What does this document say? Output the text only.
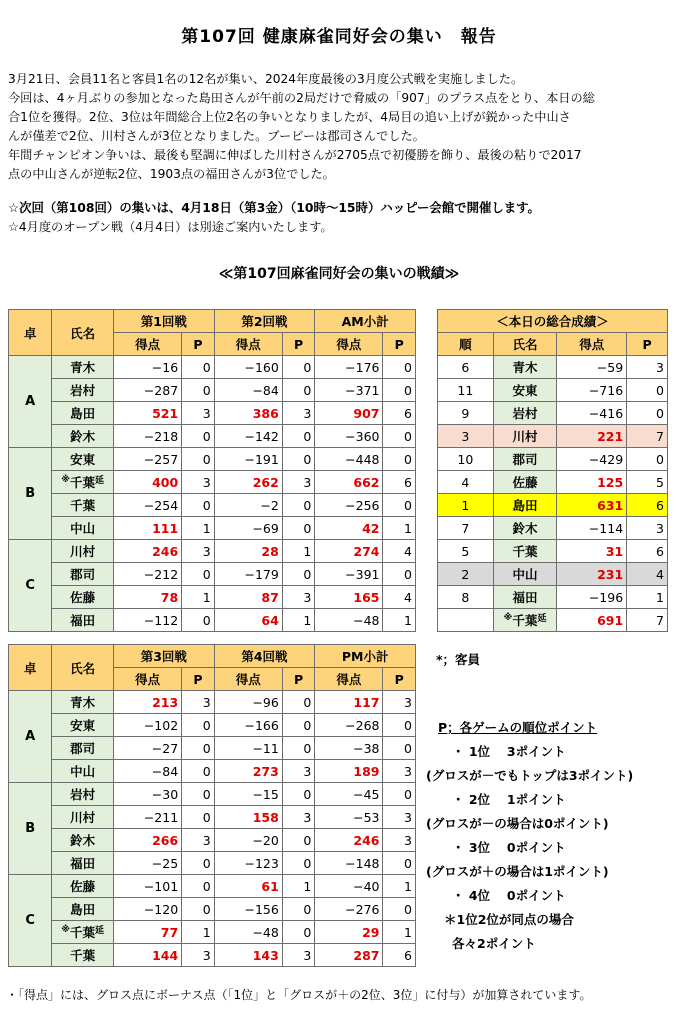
第107回 健康麻雀同好会の集い　報告
3月21日、会員11名と客員1名の12名が集い、2024年度最後の3月度公式戦を実施しました。
今回は、4ヶ月ぶりの参加となった島田さんが午前の2局だけで脅威の「907」のプラス点をとり、本日の総
合1位を獲得。2位、3位は年間総合上位2名の争いとなりましたが、4局目の追い上げが鋭かった中山さ
んが僅差で2位、川村さんが3位となりました。ブービーは郡司さんでした。
年間チャンピオン争いは、最後も堅調に伸ばした川村さんが2705点で初優勝を飾り、最後の粘りで2017
点の中山さんが逆転2位、1903点の福田さんが3位でした。
☆次回（第108回）の集いは、4月18日（第3金）（10時～15時）ハッピー会館で開催します。
☆4月度のオープン戦（4月4日）は別途ご案内いたします。
≪第107回麻雀同好会の集いの戦績≫
卓	氏名	第1回戦		第2回戦		AM小計	
		得点	P	得点	P	得点	P
A	青木	−16	0	−160	0	−176	0
	岩村	−287	0	−84	0	−371	0
	島田	521	3	386	3	907	6
	鈴木	−218	0	−142	0	−360	0
B	安東	−257	0	−191	0	−448	0
	※千葉$^延$	400	3	262	3	662	6
	千葉	−254	0	−2	0	−256	0
	中山	111	1	−69	0	42	1
C	川村	246	3	28	1	274	4
	郡司	−212	0	−179	0	−391	0
	佐藤	78	1	87	3	165	4
	福田	−112	0	64	1	−48	1
卓	氏名	第3回戦		第4回戦		PM小計	
		得点	P	得点	P	得点	P
A	青木	213	3	−96	0	117	3
	安東	−102	0	−166	0	−268	0
	郡司	−27	0	−11	0	−38	0
	中山	−84	0	273	3	189	3
B	岩村	−30	0	−15	0	−45	0
	川村	−211	0	158	3	−53	3
	鈴木	266	3	−20	0	246	3
	福田	−25	0	−123	0	−148	0
C	佐藤	−101	0	61	1	−40	1
	島田	−120	0	−156	0	−276	0
	※千葉$^延$	77	1	−48	0	29	1
	千葉	144	3	143	3	287	6
＜本日の総合成績＞			
順	氏名	得点	P
6	青木	−59	3
11	安東	−716	0
9	岩村	−416	0
3	川村	221	7
10	郡司	−429	0
4	佐藤	125	5
1	島田	631	6
7	鈴木	−114	3
5	千葉	31	6
2	中山	231	4
8	福田	−196	1
	※千葉$^延$	691	7
*；客員
P；各ゲームの順位ポイント
・ 1位　 3ポイント
(グロスが－でもトップは3ポイント)
・ 2位　 1ポイント
(グロスが－の場合は0ポイント)
・ 3位　 0ポイント
(グロスが＋の場合は1ポイント)
・ 4位　 0ポイント
＊1位2位が同点の場合
各々2ポイント
・「得点」には、グロス点にボーナス点（「1位」と「グロスが＋の2位、3位」に付与）が加算されています。
